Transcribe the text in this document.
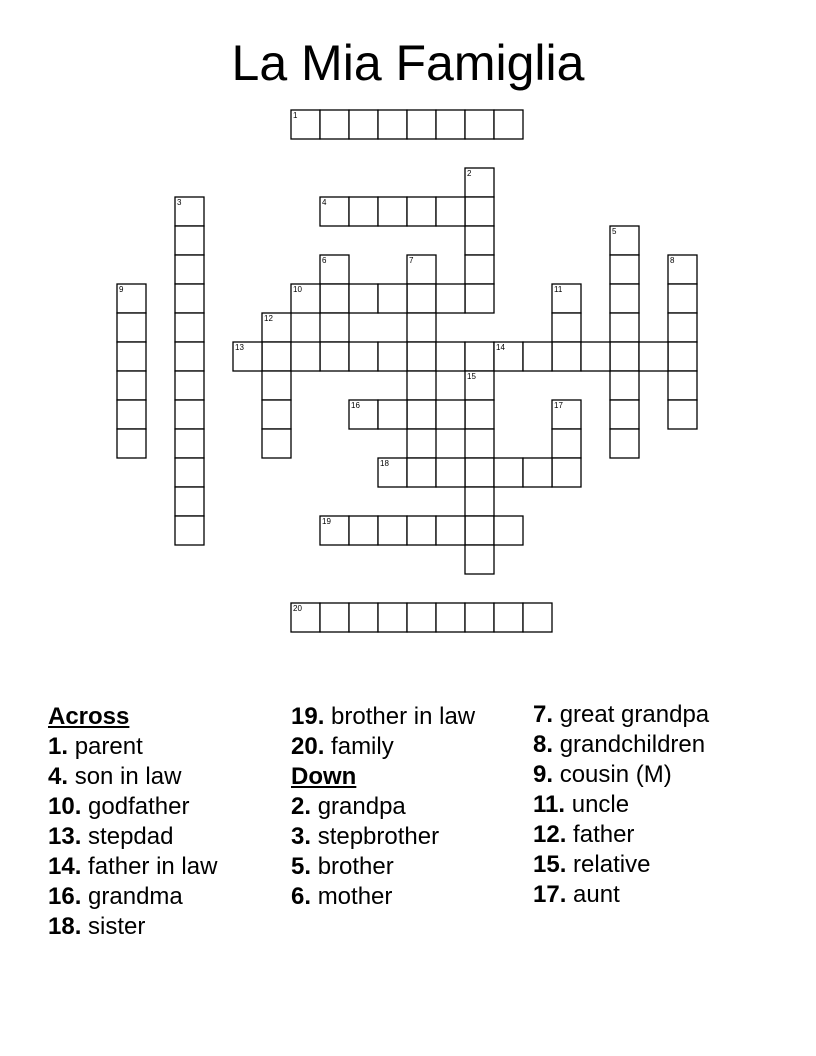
La Mia Famiglia
1
2
3	4
5
6	7	8
9	10	11
12
13	14
15
16	17
18
19
20
Across
1. parent
4. son in law
10. godfather
13. stepdad
14. father in law
16. grandma
18. sister
19. brother in law
20. family
Down
2. grandpa
3. stepbrother
5. brother
6. mother
7. great grandpa
8. grandchildren
9. cousin (M)
11. uncle
12. father
15. relative
17. aunt
